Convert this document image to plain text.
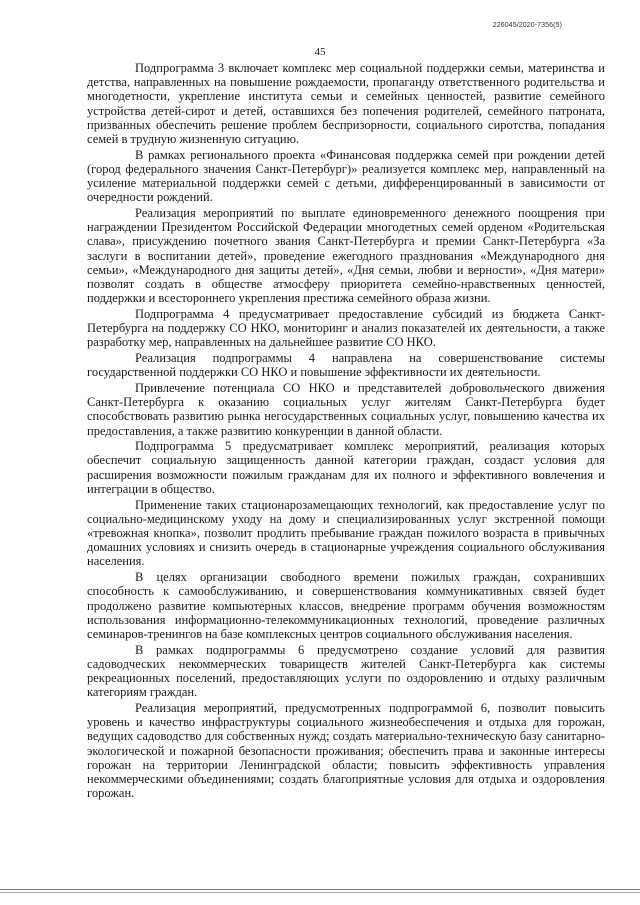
226045/2020-7356(5)
45

Подпрограмма 3 включает комплекс мер социальной поддержки семьи, материнства и детства, направленных на повышение рождаемости, пропаганду ответственного родительства и многодетности, укрепление института семьи и семейных ценностей, развитие семейного устройства детей-сирот и детей, оставшихся без попечения родителей, семейного патроната, призванных обеспечить решение проблем беспризорности, социального сиротства, попадания семей в трудную жизненную ситуацию.

В рамках регионального проекта «Финансовая поддержка семей при рождении детей (город федерального значения Санкт-Петербург)» реализуется комплекс мер, направленный на усиление материальной поддержки семей с детьми, дифференцированный в зависимости от очередности рождений.

Реализация мероприятий по выплате единовременного денежного поощрения при награждении Президентом Российской Федерации многодетных семей орденом «Родительская слава», присуждению почетного звания Санкт-Петербурга и премии Санкт-Петербурга «За заслуги в воспитании детей», проведение ежегодного празднования «Международного дня семьи», «Международного дня защиты детей», «Дня семьи, любви и верности», «Дня матери» позволят создать в обществе атмосферу приоритета семейно-нравственных ценностей, поддержки и всестороннего укрепления престижа семейного образа жизни.

Подпрограмма 4 предусматривает предоставление субсидий из бюджета Санкт-Петербурга на поддержку СО НКО, мониторинг и анализ показателей их деятельности, а также разработку мер, направленных на дальнейшее развитие СО НКО.

Реализация подпрограммы 4 направлена на совершенствование системы государственной поддержки СО НКО и повышение эффективности их деятельности.

Привлечение потенциала СО НКО и представителей добровольческого движения Санкт-Петербурга к оказанию социальных услуг жителям Санкт-Петербурга будет способствовать развитию рынка негосударственных социальных услуг, повышению качества их предоставления, а также развитию конкуренции в данной области.

Подпрограмма 5 предусматривает комплекс мероприятий, реализация которых обеспечит социальную защищенность данной категории граждан, создаст условия для расширения возможности пожилым гражданам для их полного и эффективного вовлечения и интеграции в общество.

Применение таких стационарозамещающих технологий, как предоставление услуг по социально-медицинскому уходу на дому и специализированных услуг экстренной помощи «тревожная кнопка», позволит продлить пребывание граждан пожилого возраста в привычных домашних условиях и снизить очередь в стационарные учреждения социального обслуживания населения.

В целях организации свободного времени пожилых граждан, сохранивших способность к самообслуживанию, и совершенствования коммуникативных связей будет продолжено развитие компьютерных классов, внедрение программ обучения возможностям использования информационно-телекоммуникационных технологий, проведение различных семинаров-тренингов на базе комплексных центров социального обслуживания населения.

В рамках подпрограммы 6 предусмотрено создание условий для развития садоводческих некоммерческих товариществ жителей Санкт-Петербурга как системы рекреационных поселений, предоставляющих услуги по оздоровлению и отдыху различным категориям граждан.

Реализация мероприятий, предусмотренных подпрограммой 6, позволит повысить уровень и качество инфраструктуры социального жизнеобеспечения и отдыха для горожан, ведущих садоводство для собственных нужд; создать материально-техническую базу санитарно-экологической и пожарной безопасности проживания; обеспечить права и законные интересы горожан на территории Ленинградской области; повысить эффективность управления некоммерческими объединениями; создать благоприятные условия для отдыха и оздоровления горожан.
